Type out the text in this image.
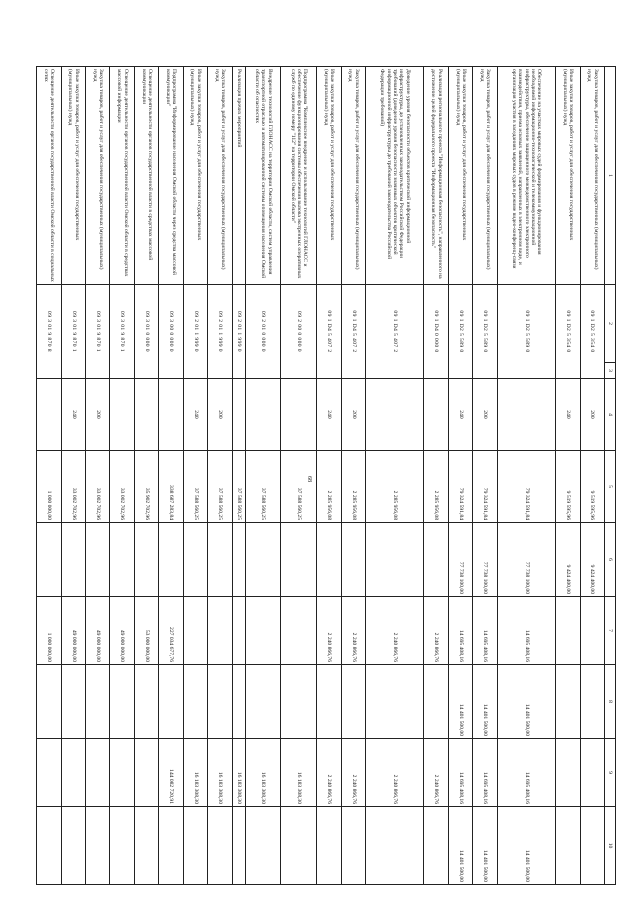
68
1	2	3	4	5	6	7	8	9	10
Закупка товаров, работ и услуг для обеспечения государственных (муниципальных) нужд	09 1 D2 5 354 0		200	9 519 595,96	9 424 400,00				
Иные закупки товаров, работ и услуг для обеспечения государственных (муниципальных) нужд	09 1 D2 5 354 0		240	9 519 595,96	9 424 400,00				
Обеспечение на участках мировых судей формирования и функционирования необходимой информационно-технологической и телекоммуникационной инфраструктуры, обеспечение защищенного межведомственного электронного взаимодействия, приема исковых заявлений, направленных в электронном виде, и организация участия в заседаниях мировых судов в режиме видео-конференц-связи	09 1 D2 5 589 0			79 324 591,84	77 738 100,00	14 695 408,16	14 401 500,00	14 695 408,16	14 401 500,00
Закупка товаров, работ и услуг для обеспечения государственных (муниципальных) нужд	09 1 D2 5 589 0		200	79 324 591,84	77 738 100,00	14 695 408,16	14 401 500,00	14 695 408,16	14 401 500,00
Иные закупки товаров, работ и услуг для обеспечения государственных (муниципальных) нужд	09 1 D2 5 589 0		240	79 324 591,84	77 738 100,00	14 695 408,16	14 401 500,00	14 695 408,16	14 401 500,00
Реализация регионального проекта "Информационная безопасность", направленного на достижение целей федерального проекта "Информационная безопасность"	09 1 D4 0 000 0			2 285 956,08		2 240 866,76		2 240 866,76	
Доведение уровня безопасности объектов критической информационной инфраструктуры, до установленных законодательством Российской Федерации требований (доведение уровня безопасности значимых объектов критической информационной инфраструктуры до требований законодательства Российской Федерации требований)	09 1 D4 5 407 2			2 285 956,08		2 240 866,76		2 240 866,76	
Закупка товаров, работ и услуг для обеспечения государственных (муниципальных) нужд	09 1 D4 5 407 2		200	2 285 956,08		2 240 866,76		2 240 866,76	
Иные закупки товаров, работ и услуг для обеспечения государственных (муниципальных) нужд	09 1 D4 5 407 2		240	2 285 956,08		2 240 866,76		2 240 866,76	
Подпрограмма "Комплексное внедрение и использование технологий ГЛОНАСС и обеспечение функционирования системы обеспечения вызова экстренных оперативных служб по единому номеру "112" на территории Омской области"	09 2 00 0 000 0			37 588 560,25				16 183 308,30	
Внедрение технологий ГЛОНАСС на территории Омской области, систем управления транспортной отраслью и автоматизированной системы оповещения населения Омской области об опасностях	09 2 01 0 000 0			37 588 560,25				16 183 308,30	
Реализация прочих мероприятий	09 2 01 1 999 0			37 588 560,25				16 183 308,30	
Закупка товаров, работ и услуг для обеспечения государственных (муниципальных) нужд	09 2 01 1 999 0		200	37 588 560,25				16 183 308,30	
Иные закупки товаров, работ и услуг для обеспечения государственных (муниципальных) нужд	09 2 01 1 999 0		240	37 588 560,25				16 183 308,30	
Подпрограмма "Информирование населения Омской области через средства массовой коммуникации"	09 3 00 0 000 0			338 687 283,84		227 034 677,76		144 082 720,91	
Освещение деятельности органов государственной власти в средствах массовой коммуникации	09 3 01 0 000 0			35 902 702,96		53 000 000,00			
Освещение деятельности органов государственной власти Омской области в средствах массовой информации	09 3 01 9 870 1			33 002 702,96		49 000 000,00			
Закупка товаров, работ и услуг для обеспечения государственных (муниципальных) нужд	09 3 01 9 870 1		200	33 002 702,96		49 000 000,00			
Иные закупки товаров, работ и услуг для обеспечения государственных (муниципальных) нужд	09 3 01 9 870 1		240	33 002 702,96		49 000 000,00			
Освещение деятельности органов государственной власти Омской области в социальных сетях	09 3 01 9 870 8			1 000 000,00		1 000 000,00			
